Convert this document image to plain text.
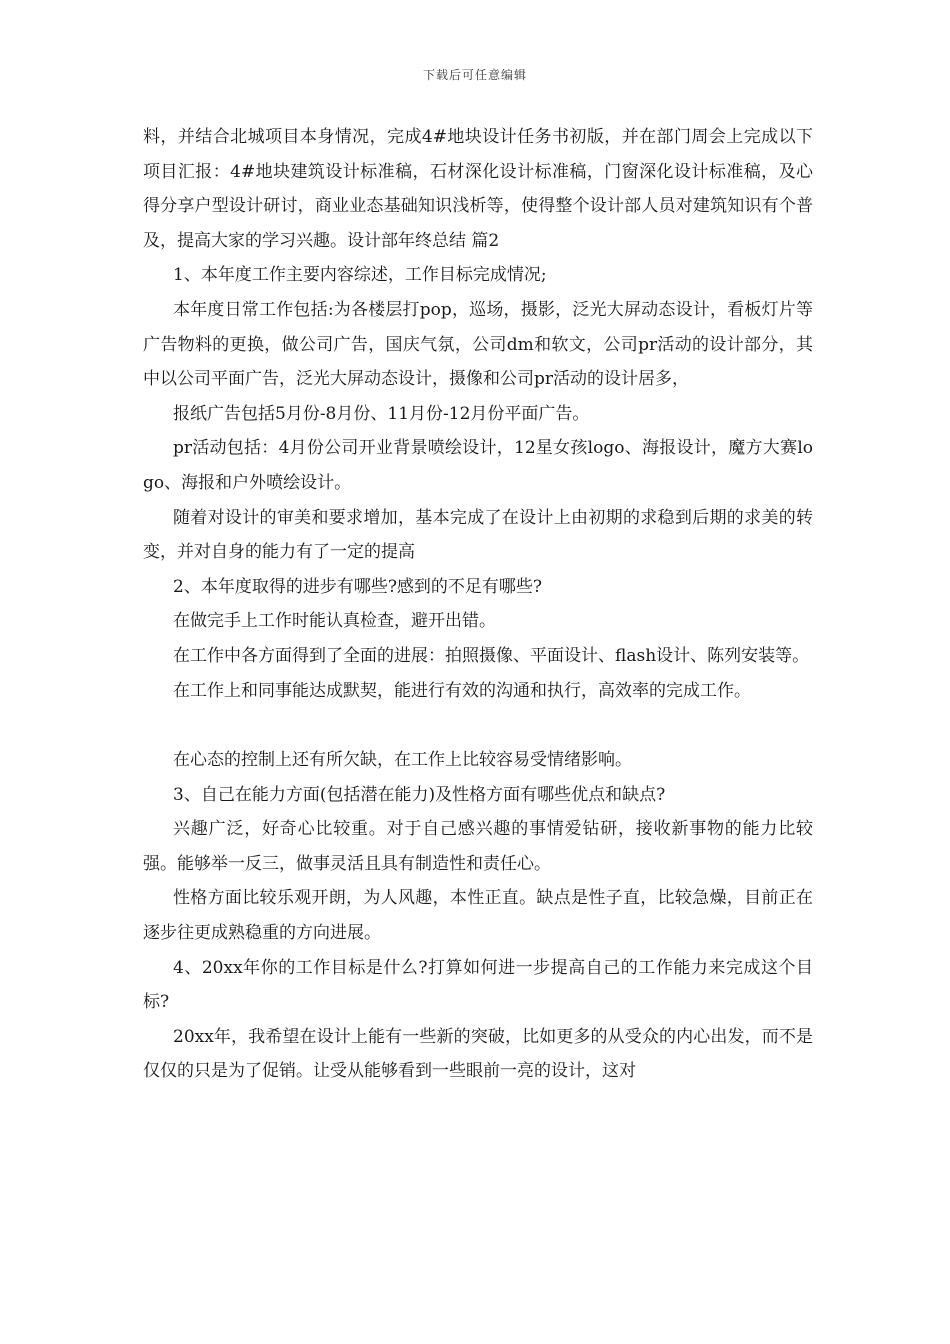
下载后可任意编辑

料，并结合北城项目本身情况，完成4#地块设计任务书初版，并在部门周会上完成以下项目汇报：4#地块建筑设计标准稿，石材深化设计标准稿，门窗深化设计标准稿，及心得分享户型设计研讨，商业业态基础知识浅析等，使得整个设计部人员对建筑知识有个普及，提高大家的学习兴趣。设计部年终总结 篇2

1、本年度工作主要内容综述，工作目标完成情况;

本年度日常工作包括:为各楼层打pop，巡场，摄影，泛光大屏动态设计，看板灯片等广告物料的更换，做公司广告，国庆气氛，公司dm和软文，公司pr活动的设计部分，其中以公司平面广告，泛光大屏动态设计，摄像和公司pr活动的设计居多，

报纸广告包括5月份-8月份、11月份-12月份平面广告。

pr活动包括：4月份公司开业背景喷绘设计，12星女孩logo、海报设计，魔方大赛logo、海报和户外喷绘设计。

随着对设计的审美和要求增加，基本完成了在设计上由初期的求稳到后期的求美的转变，并对自身的能力有了一定的提高

2、本年度取得的进步有哪些?感到的不足有哪些?

在做完手上工作时能认真检查，避开出错。

在工作中各方面得到了全面的进展：拍照摄像、平面设计、flash设计、陈列安装等。

在工作上和同事能达成默契，能进行有效的沟通和执行，高效率的完成工作。

在心态的控制上还有所欠缺，在工作上比较容易受情绪影响。

3、自己在能力方面(包括潜在能力)及性格方面有哪些优点和缺点?

兴趣广泛，好奇心比较重。对于自己感兴趣的事情爱钻研，接收新事物的能力比较强。能够举一反三，做事灵活且具有制造性和责任心。

性格方面比较乐观开朗，为人风趣，本性正直。缺点是性子直，比较急燥，目前正在逐步往更成熟稳重的方向进展。

4、20xx年你的工作目标是什么?打算如何进一步提高自己的工作能力来完成这个目标?

20xx年，我希望在设计上能有一些新的突破，比如更多的从受众的内心出发，而不是仅仅的只是为了促销。让受从能够看到一些眼前一亮的设计，这对
